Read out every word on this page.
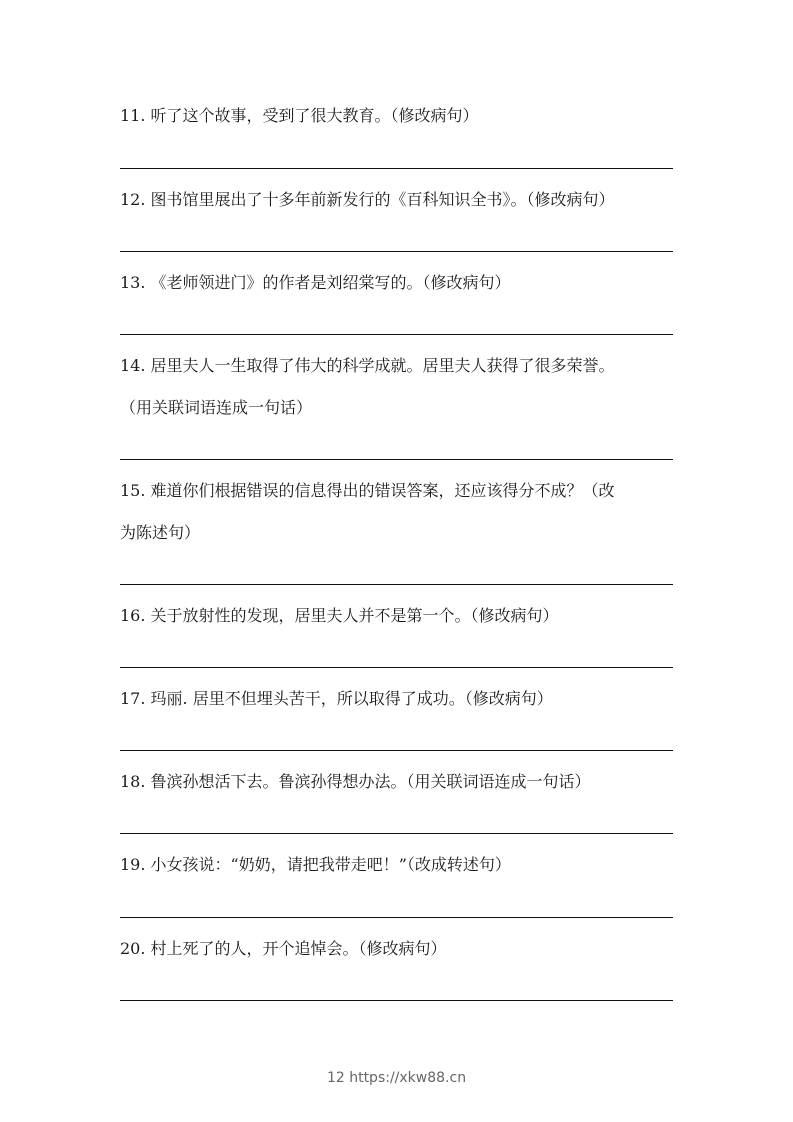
11. 听了这个故事，受到了很大教育。（修改病句）
12. 图书馆里展出了十多年前新发行的《百科知识全书》。（修改病句）
13. 《老师领进门》的作者是刘绍棠写的。（修改病句）
14. 居里夫人一生取得了伟大的科学成就。居里夫人获得了很多荣誉。
（用关联词语连成一句话）
15. 难道你们根据错误的信息得出的错误答案，还应该得分不成？（改
为陈述句）
16. 关于放射性的发现，居里夫人并不是第一个。（修改病句）
17. 玛丽. 居里不但埋头苦干，所以取得了成功。（修改病句）
18. 鲁滨孙想活下去。鲁滨孙得想办法。（用关联词语连成一句话）
19. 小女孩说：“奶奶，请把我带走吧！”（改成转述句）
20. 村上死了的人，开个追悼会。（修改病句）
12 https://xkw88.cn
